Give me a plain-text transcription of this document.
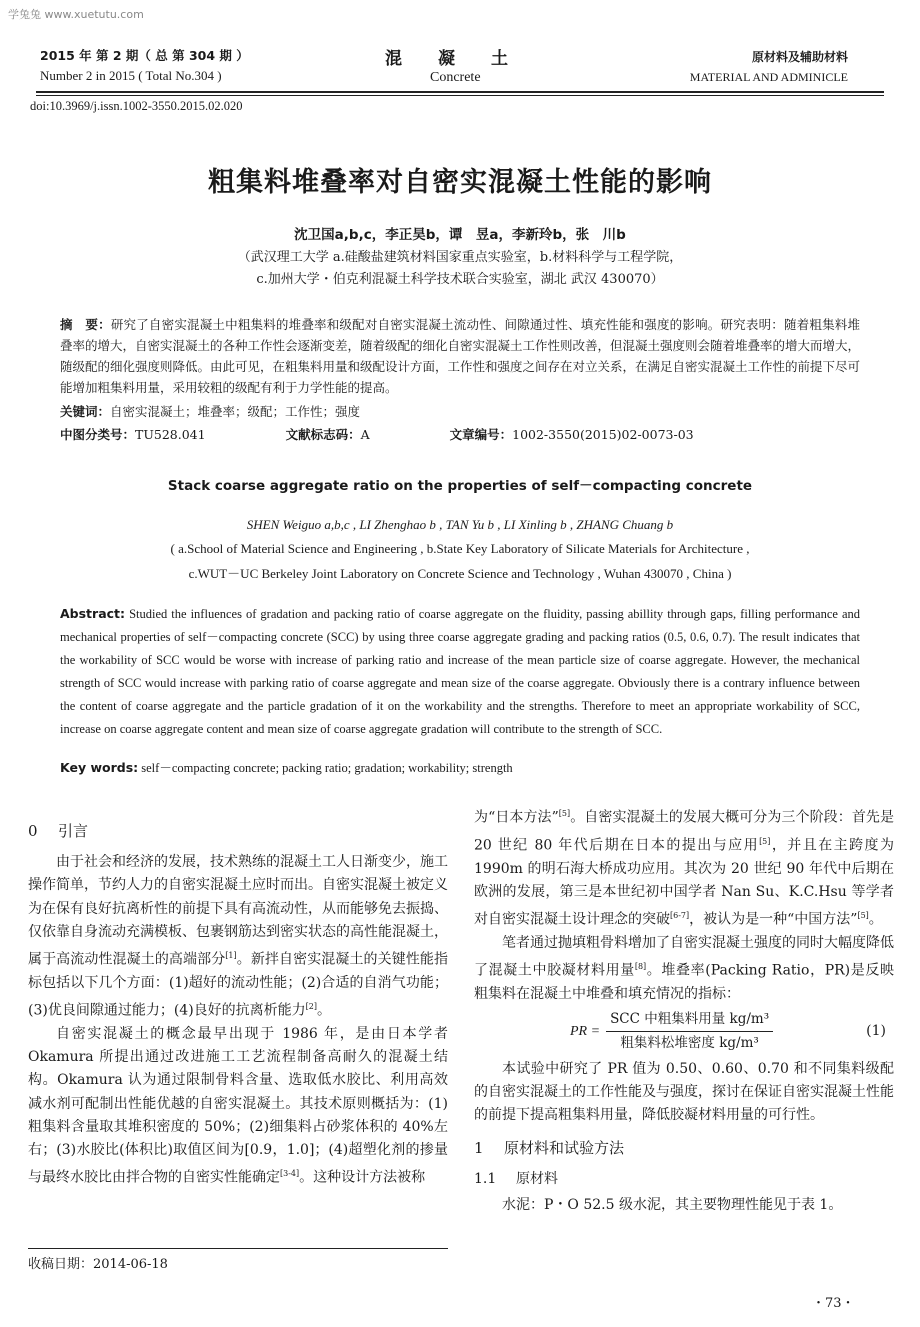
学兔兔 www.xuetutu.com
2015 年 第 2 期（ 总 第 304 期 ）
Number 2 in 2015 ( Total No.304 )
混凝土
Concrete
原材料及辅助材料
MATERIAL AND ADMINICLE
doi:10.3969/j.issn.1002-3550.2015.02.020
粗集料堆叠率对自密实混凝土性能的影响
沈卫国a,b,c，李正昊b，谭　昱a，李新玲b，张　川b
（武汉理工大学 a.硅酸盐建筑材料国家重点实验室，b.材料科学与工程学院，
c.加州大学・伯克利混凝土科学技术联合实验室，湖北 武汉 430070）
摘　要：研究了自密实混凝土中粗集料的堆叠率和级配对自密实混凝土流动性、间隙通过性、填充性能和强度的影响。研究表明：随着粗集料堆叠率的增大，自密实混凝土的各种工作性会逐渐变差，随着级配的细化自密实混凝土工作性则改善，但混凝土强度则会随着堆叠率的增大而增大，随级配的细化强度则降低。由此可见，在粗集料用量和级配设计方面，工作性和强度之间存在对立关系，在满足自密实混凝土工作性的前提下尽可能增加粗集料用量，采用较粗的级配有利于力学性能的提高。
关键词：自密实混凝土；堆叠率；级配；工作性；强度
中图分类号：TU528.041	文献标志码：A	文章编号：1002-3550(2015)02-0073-03
Stack coarse aggregate ratio on the properties of self－compacting concrete
SHEN Weiguo a,b,c , LI Zhenghao b , TAN Yu b , LI Xinling b , ZHANG Chuang b
( a.School of Material Science and Engineering , b.State Key Laboratory of Silicate Materials for Architecture ,
c.WUT－UC Berkeley Joint Laboratory on Concrete Science and Technology , Wuhan 430070 , China )
Abstract: Studied the influences of gradation and packing ratio of coarse aggregate on the fluidity, passing abillity through gaps, filling performance and mechanical properties of self－compacting concrete (SCC) by using three coarse aggregate grading and packing ratios (0.5, 0.6, 0.7). The result indicates that the workability of SCC would be worse with increase of parking ratio and increase of the mean particle size of coarse aggregate. However, the mechanical strength of SCC would increase with parking ratio of coarse aggregate and mean size of the coarse aggregate. Obviously there is a contrary influence between the content of coarse aggregate and the particle gradation of it on the workability and the strengths. Therefore to meet an appropriate workability of SCC, increase on coarse aggregate content and mean size of coarse aggregate gradation will contribute to the strength of SCC.
Key words: self－compacting concrete; packing ratio; gradation; workability; strength
0 引言

由于社会和经济的发展，技术熟练的混凝土工人日渐变少，施工操作简单，节约人力的自密实混凝土应时而出。自密实混凝土被定义为在保有良好抗离析性的前提下具有高流动性，从而能够免去振捣、仅依靠自身流动充满模板、包裹钢筋达到密实状态的高性能混凝土，属于高流动性混凝土的高端部分[1]。新拌自密实混凝土的关键性能指标包括以下几个方面：(1)超好的流动性能；(2)合适的自消气功能；(3)优良间隙通过能力；(4)良好的抗离析能力[2]。

自密实混凝土的概念最早出现于 1986 年，是由日本学者 Okamura 所提出通过改进施工工艺流程制备高耐久的混凝土结构。Okamura 认为通过限制骨料含量、选取低水胶比、利用高效减水剂可配制出性能优越的自密实混凝土。其技术原则概括为：(1)粗集料含量取其堆积密度的 50%；(2)细集料占砂浆体积的 40%左右；(3)水胶比(体积比)取值区间为[0.9，1.0]；(4)超塑化剂的掺量与最终水胶比由拌合物的自密实性能确定[3-4]。这种设计方法被称

为“日本方法”[5]。自密实混凝土的发展大概可分为三个阶段：首先是 20 世纪 80 年代后期在日本的提出与应用[5]，并且在主跨度为 1990m 的明石海大桥成功应用。其次为 20 世纪 90 年代中后期在欧洲的发展，第三是本世纪初中国学者 Nan Su、K.C.Hsu 等学者对自密实混凝土设计理念的突破[6-7]，被认为是一种“中国方法”[5]。

笔者通过抛填粗骨料增加了自密实混凝土强度的同时大幅度降低了混凝土中胶凝材料用量[8]。堆叠率(Packing Ratio，PR)是反映粗集料在混凝土中堆叠和填充情况的指标：

PR = $\frac{\text{SCC 中粗集料用量 kg/m³}}{\text{粗集料松堆密度 kg/m³}}$	(1)

本试验中研究了 PR 值为 0.50、0.60、0.70 和不同集料级配的自密实混凝土的工作性能及与强度，探讨在保证自密实混凝土性能的前提下提高粗集料用量，降低胶凝材料用量的可行性。

1 原材料和试验方法
1.1 原材料

水泥：P・O 52.5 级水泥，其主要物理性能见于表 1。

收稿日期：2014-06-18
・73・
